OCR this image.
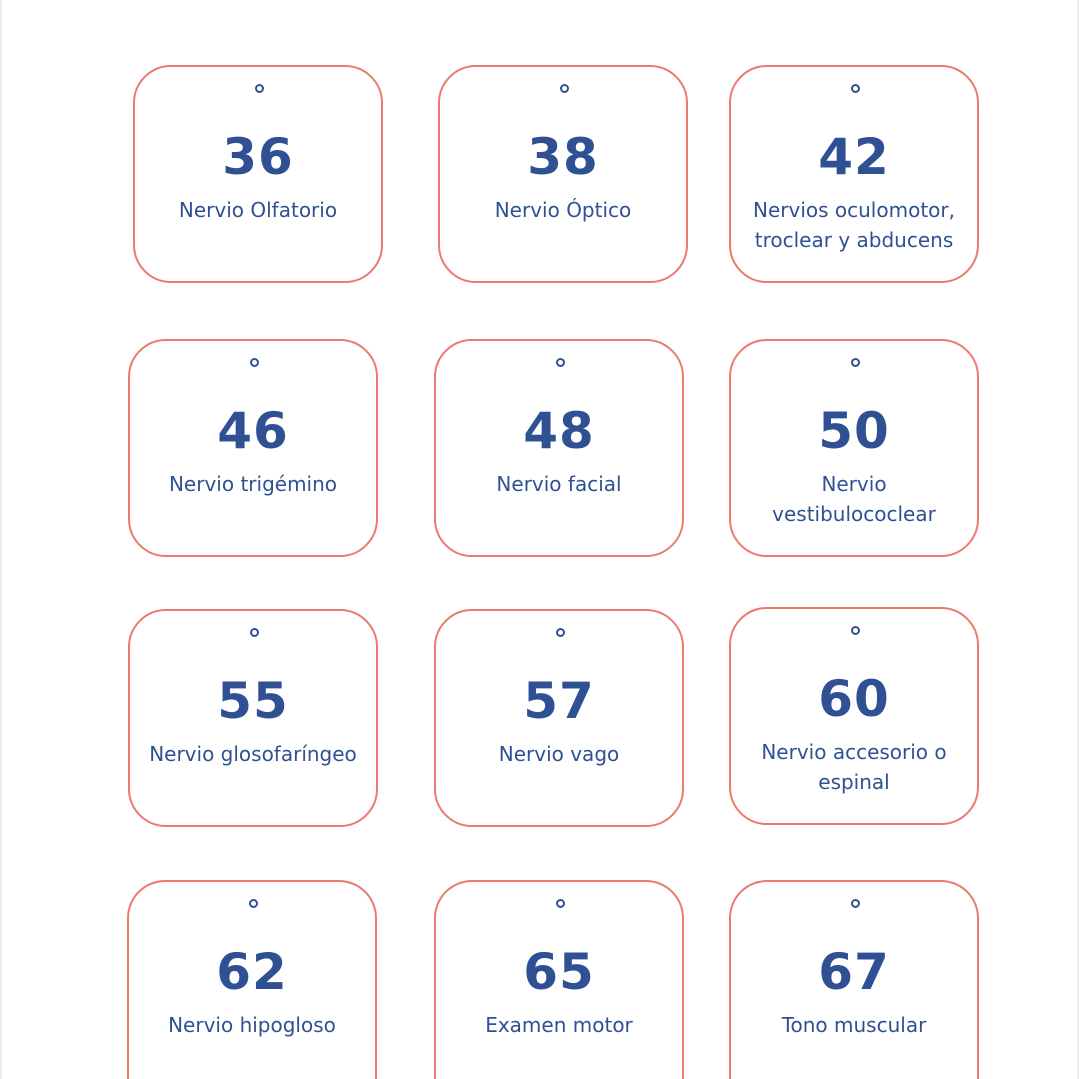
36
Nervio Olfatorio
38
Nervio Óptico
42
Nervios oculomotor, troclear y abducens
46
Nervio trigémino
48
Nervio facial
50
Nervio vestibulococlear
55
Nervio glosofaríngeo
57
Nervio vago
60
Nervio accesorio o espinal
62
Nervio hipogloso
65
Examen motor
67
Tono muscular
